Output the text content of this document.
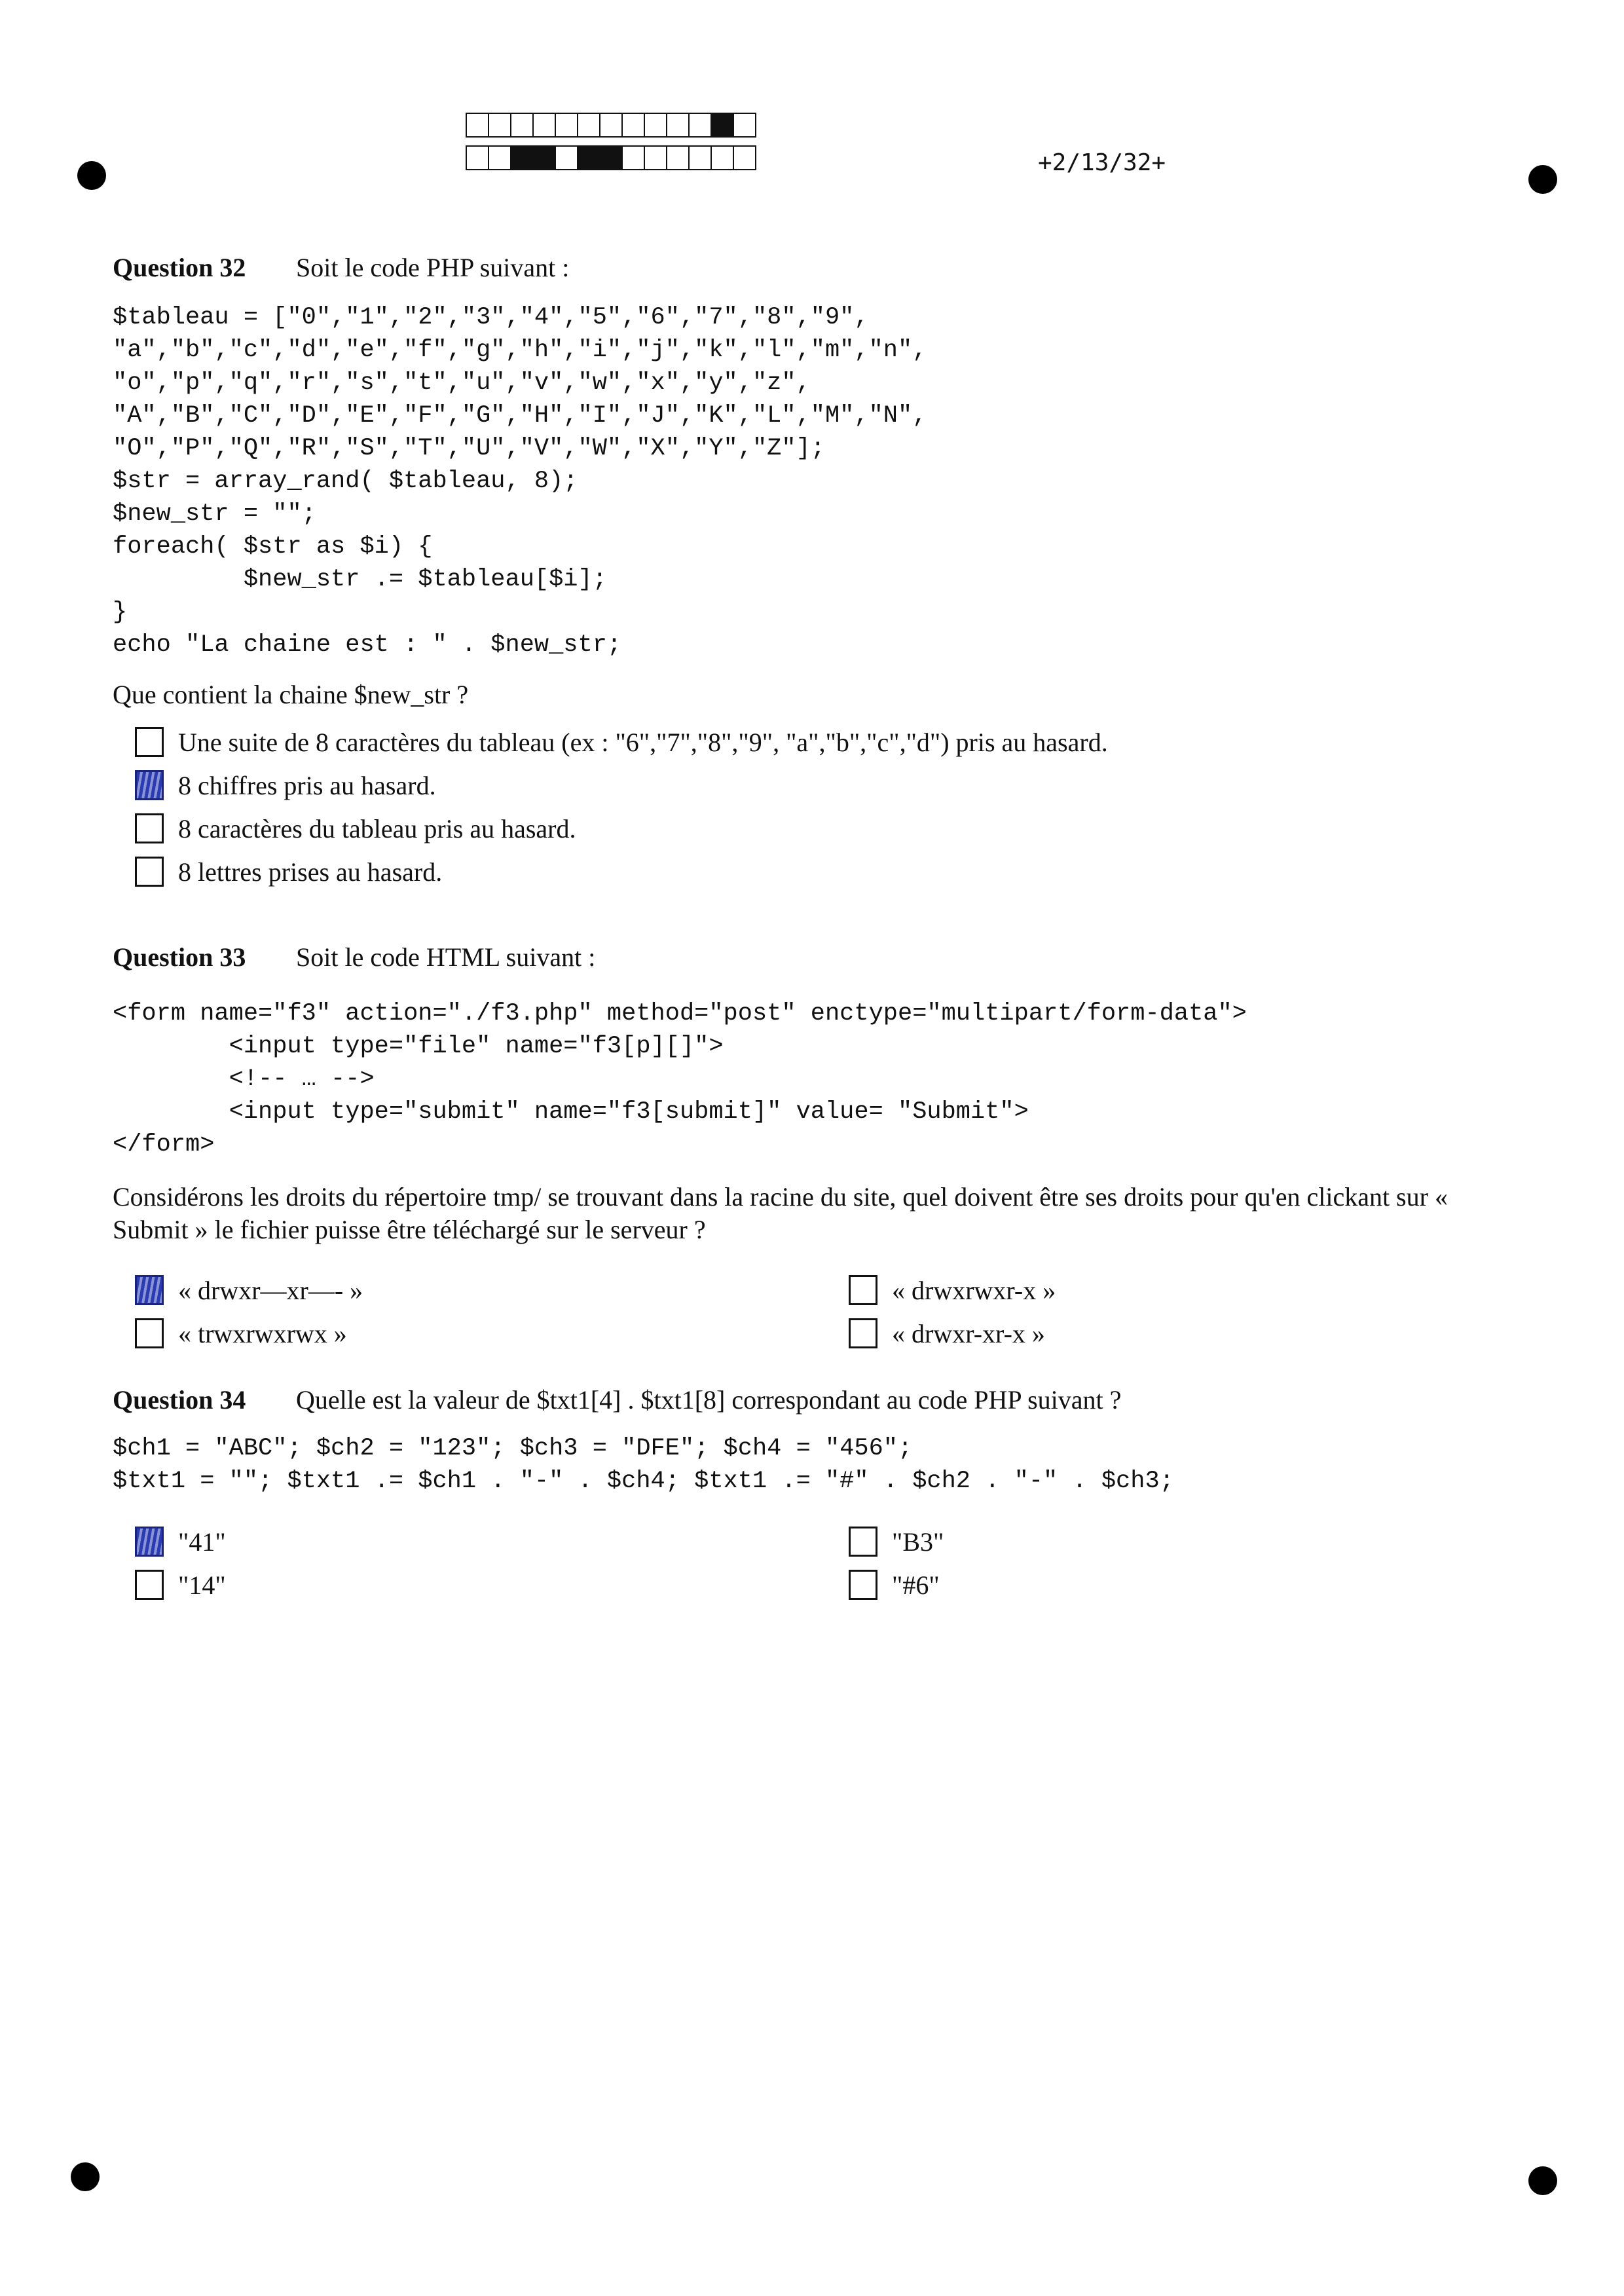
+2/13/32+
Question 32	Soit le code PHP suivant :
$tableau = ["0","1","2","3","4","5","6","7","8","9",
"a","b","c","d","e","f","g","h","i","j","k","l","m","n",
"o","p","q","r","s","t","u","v","w","x","y","z",
"A","B","C","D","E","F","G","H","I","J","K","L","M","N",
"O","P","Q","R","S","T","U","V","W","X","Y","Z"];
$str = array_rand( $tableau, 8);
$new_str = "";
foreach( $str as $i) {
$new_str .= $tableau[$i];
}
echo "La chaine est : " . $new_str;
Que contient la chaine $new_str ?
Une suite de 8 caractères du tableau (ex : "6","7","8","9", "a","b","c","d") pris au hasard.
8 chiffres pris au hasard.
8 caractères du tableau pris au hasard.
8 lettres prises au hasard.
Question 33	Soit le code HTML suivant :
<form name="f3" action="./f3.php" method="post" enctype="multipart/form-data">
<input type="file" name="f3[p][]">
<!-- … -->
<input type="submit" name="f3[submit]" value= "Submit">
</form>
Considérons les droits du répertoire tmp/ se trouvant dans la racine du site, quel doivent être ses droits pour qu'en clickant sur « Submit » le fichier puisse être téléchargé sur le serveur ?
« drwxr—xr—- »	« drwxrwxr-x »
« trwxrwxrwx »	« drwxr-xr-x »
Question 34	Quelle est la valeur de $txt1[4] . $txt1[8] correspondant au code PHP suivant ?
$ch1 = "ABC"; $ch2 = "123"; $ch3 = "DFE"; $ch4 = "456";
$txt1 = ""; $txt1 .= $ch1 . "-" . $ch4; $txt1 .= "#" . $ch2 . "-" . $ch3;
"41"	"B3"
"14"	"#6"
